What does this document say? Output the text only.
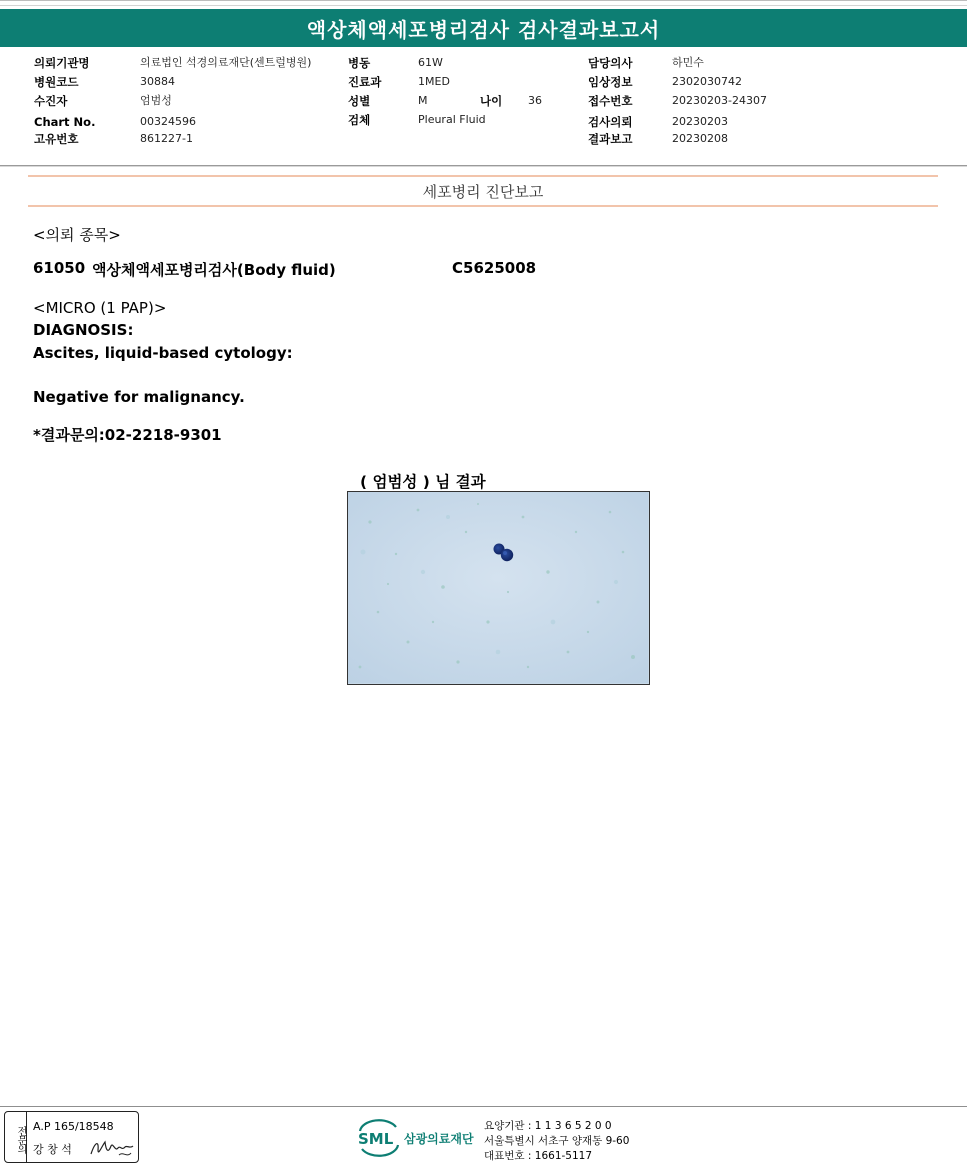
액상체액세포병리검사 검사결과보고서
의뢰기관명	의료법인 석경의료재단(센트럴병원)
병원코드	30884
수진자	엄범성
Chart No.	00324596
고유번호	861227-1
병동	61W
진료과	1MED
성별	M	나이 36
검체	Pleural Fluid
담당의사	하민수
임상정보	2302030742
접수번호	20230203-24307
검사의뢰	20230203
결과보고	20230208
세포병리 진단보고
<의뢰 종목>
61050 액상체액세포병리검사(Body fluid)	C5625008
<MICRO (1 PAP)>
DIAGNOSIS:
Ascites, liquid-based cytology:
Negative for malignancy.
*결과문의:02-2218-9301
( 엄범성 ) 님 결과
전문의 A.P 165/18548
강 창 석
SML 삼광의료재단
요양기관 : 1 1 3 6 5 2 0 0
서울특별시 서초구 양재동 9-60
대표번호 : 1661-5117
